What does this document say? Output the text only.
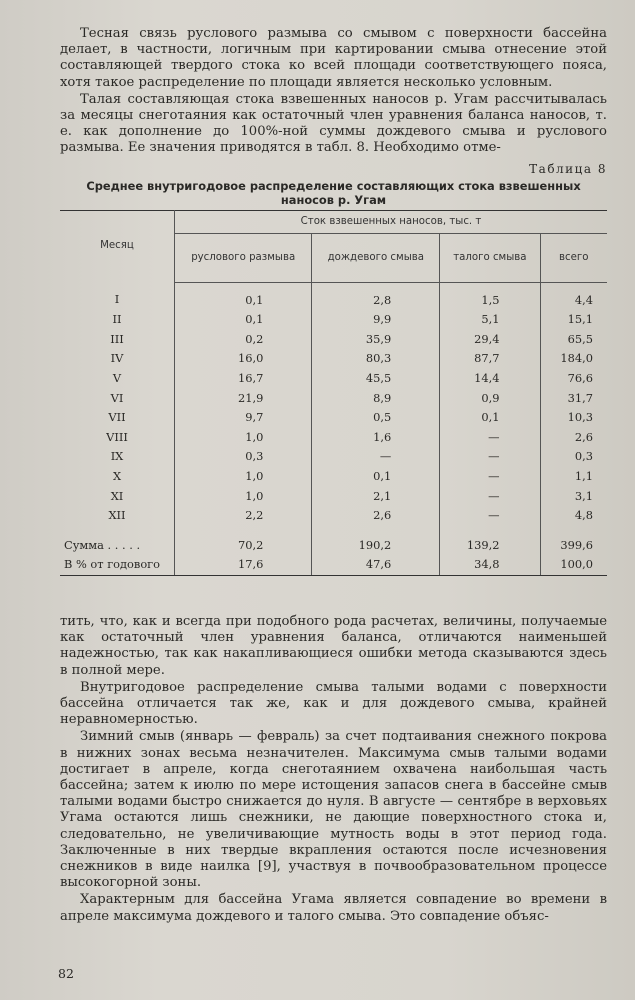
Тесная связь руслового размыва со смывом с поверхности бассейна делает, в частности, логичным при картировании смыва отнесение этой составляющей твердого стока ко всей площади соответствующего пояса, хотя такое распределение по площади является несколько условным.

Талая составляющая стока взвешенных наносов р. Угам рассчитывалась за месяцы снеготаяния как остаточный член уравнения баланса наносов, т. е. как дополнение до 100%-ной суммы дождевого смыва и руслового размыва. Ее значения приводятся в табл. 8. Необходимо отме-

Таблица 8
Среднее внутригодовое распределение составляющих стока взвешенных наносов р. Угам
Месяц	Сток взвешенных наносов, тыс. т			
	руслового размыва	дождевого смыва	талого смыва	всего
I	0,1	2,8	1,5	4,4
II	0,1	9,9	5,1	15,1
III	0,2	35,9	29,4	65,5
IV	16,0	80,3	87,7	184,0
V	16,7	45,5	14,4	76,6
VI	21,9	8,9	0,9	31,7
VII	9,7	0,5	0,1	10,3
VIII	1,0	1,6	—	2,6
IX	0,3	—	—	0,3
X	1,0	0,1	—	1,1
XI	1,0	2,1	—	3,1
XII	2,2	2,6	—	4,8
Сумма . . . . .	70,2	190,2	139,2	399,6
В % от годового	17,6	47,6	34,8	100,0

тить, что, как и всегда при подобного рода расчетах, величины, получаемые как остаточный член уравнения баланса, отличаются наименьшей надежностью, так как накапливающиеся ошибки метода сказываются здесь в полной мере.

Внутригодовое распределение смыва талыми водами с поверхности бассейна отличается так же, как и для дождевого смыва, крайней неравномерностью.

Зимний смыв (январь — февраль) за счет подтаивания снежного покрова в нижних зонах весьма незначителен. Максимума смыв талыми водами достигает в апреле, когда снеготаянием охвачена наибольшая часть бассейна; затем к июлю по мере истощения запасов снега в бассейне смыв талыми водами быстро снижается до нуля. В августе — сентябре в верховьях Угама остаются лишь снежники, не дающие поверхностного стока и, следовательно, не увеличивающие мутность воды в этот период года. Заключенные в них твердые вкрапления остаются после исчезновения снежников в виде наилка [9], участвуя в почвообразовательном процессе высокогорной зоны.

Характерным для бассейна Угама является совпадение во времени в апреле максимума дождевого и талого смыва. Это совпадение объяс-

82
